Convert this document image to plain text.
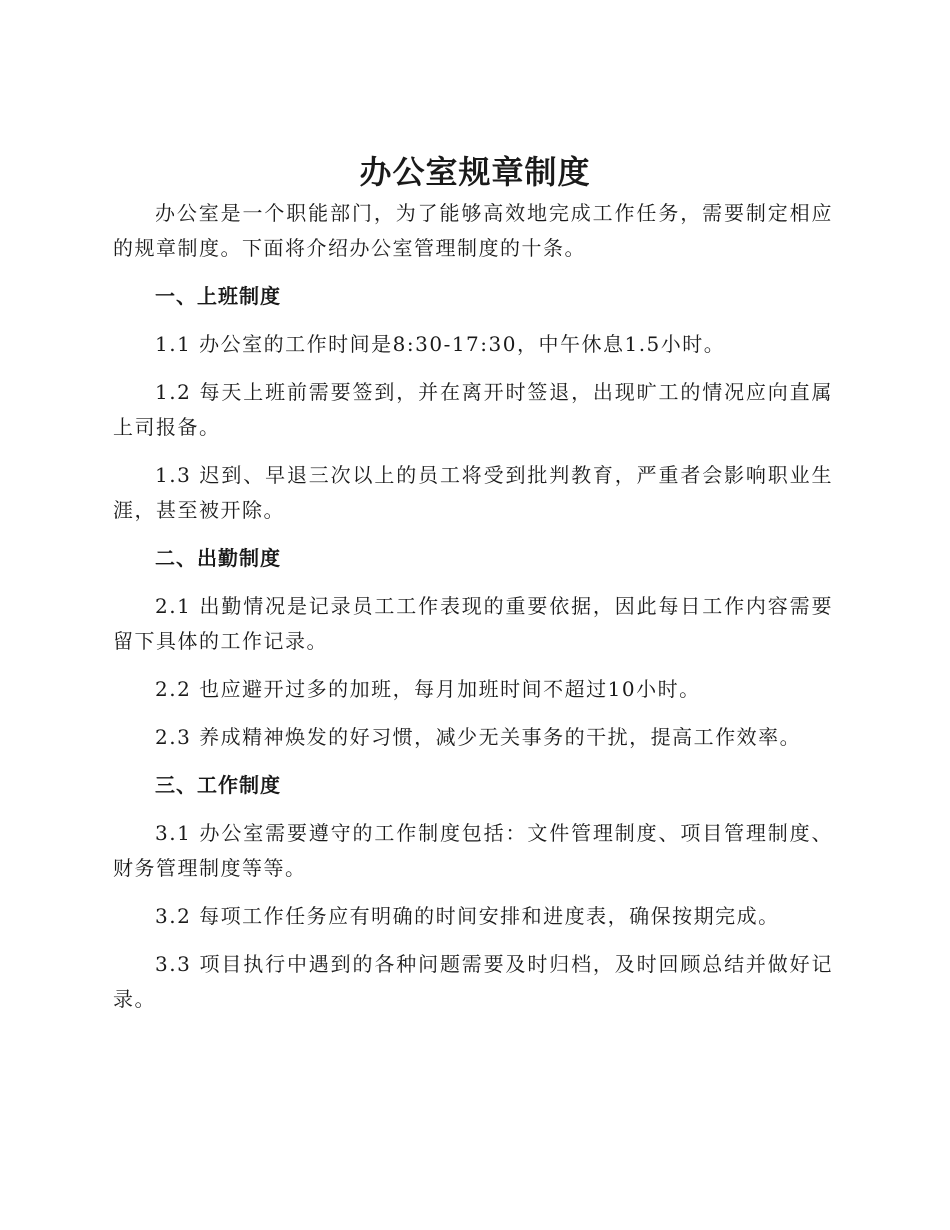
办公室规章制度

办公室是一个职能部门，为了能够高效地完成工作任务，需要制定相应的规章制度。下面将介绍办公室管理制度的十条。

一、上班制度

1.1 办公室的工作时间是8:30-17:30，中午休息1.5小时。

1.2 每天上班前需要签到，并在离开时签退，出现旷工的情况应向直属上司报备。

1.3 迟到、早退三次以上的员工将受到批判教育，严重者会影响职业生涯，甚至被开除。

二、出勤制度

2.1 出勤情况是记录员工工作表现的重要依据，因此每日工作内容需要留下具体的工作记录。

2.2 也应避开过多的加班，每月加班时间不超过10小时。

2.3 养成精神焕发的好习惯，减少无关事务的干扰，提高工作效率。

三、工作制度

3.1 办公室需要遵守的工作制度包括：文件管理制度、项目管理制度、财务管理制度等等。

3.2 每项工作任务应有明确的时间安排和进度表，确保按期完成。

3.3 项目执行中遇到的各种问题需要及时归档，及时回顾总结并做好记录。
